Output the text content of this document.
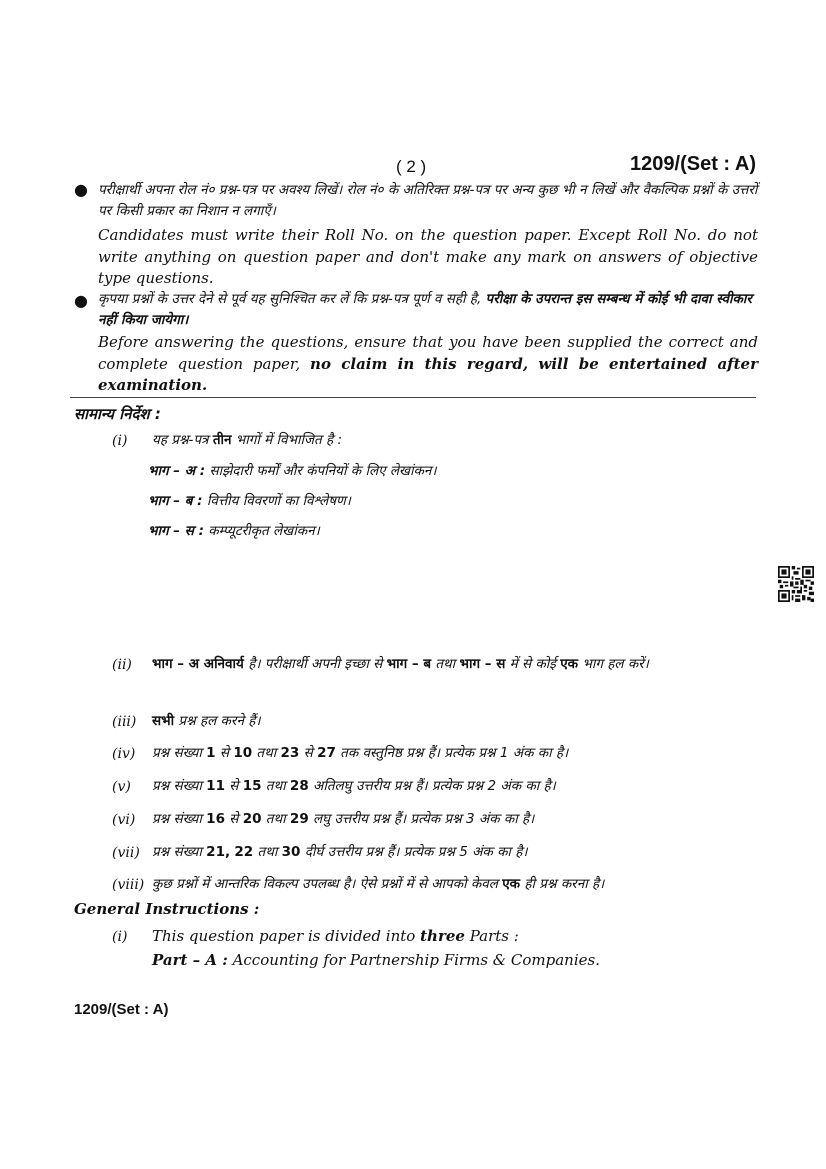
( 2 )	1209/(Set : A)
● परीक्षार्थी अपना रोल नं० प्रश्न-पत्र पर अवश्य लिखें। रोल नं० के अतिरिक्त प्रश्न-पत्र पर अन्य कुछ भी न लिखें और वैकल्पिक प्रश्नों के उत्तरों पर किसी प्रकार का निशान न लगाएँ।
Candidates must write their Roll No. on the question paper. Except Roll No. do not write anything on question paper and don't make any mark on answers of objective type questions.
● कृपया प्रश्नों के उत्तर देने से पूर्व यह सुनिश्चित कर लें कि प्रश्न-पत्र पूर्ण व सही है, परीक्षा के उपरान्त इस सम्बन्ध में कोई भी दावा स्वीकार नहीं किया जायेगा।
Before answering the questions, ensure that you have been supplied the correct and complete question paper, no claim in this regard, will be entertained after examination.
सामान्य निर्देश :
(i) यह प्रश्न-पत्र तीन भागों में विभाजित है :
भाग – अ : साझेदारी फर्मों और कंपनियों के लिए लेखांकन।
भाग – ब : वित्तीय विवरणों का विश्लेषण।
भाग – स : कम्प्यूटरीकृत लेखांकन।
(ii) भाग – अ अनिवार्य है। परीक्षार्थी अपनी इच्छा से भाग – ब तथा भाग – स में से कोई एक भाग हल करें।
(iii) सभी प्रश्न हल करने हैं।
(iv) प्रश्न संख्या 1 से 10 तथा 23 से 27 तक वस्तुनिष्ठ प्रश्न हैं। प्रत्येक प्रश्न 1 अंक का है।
(v) प्रश्न संख्या 11 से 15 तथा 28 अतिलघु उत्तरीय प्रश्न हैं। प्रत्येक प्रश्न 2 अंक का है।
(vi) प्रश्न संख्या 16 से 20 तथा 29 लघु उत्तरीय प्रश्न हैं। प्रत्येक प्रश्न 3 अंक का है।
(vii) प्रश्न संख्या 21, 22 तथा 30 दीर्घ उत्तरीय प्रश्न हैं। प्रत्येक प्रश्न 5 अंक का है।
(viii) कुछ प्रश्नों में आन्तरिक विकल्प उपलब्ध है। ऐसे प्रश्नों में से आपको केवल एक ही प्रश्न करना है।
General Instructions :
(i) This question paper is divided into three Parts :
Part – A : Accounting for Partnership Firms & Companies.
1209/(Set : A)
